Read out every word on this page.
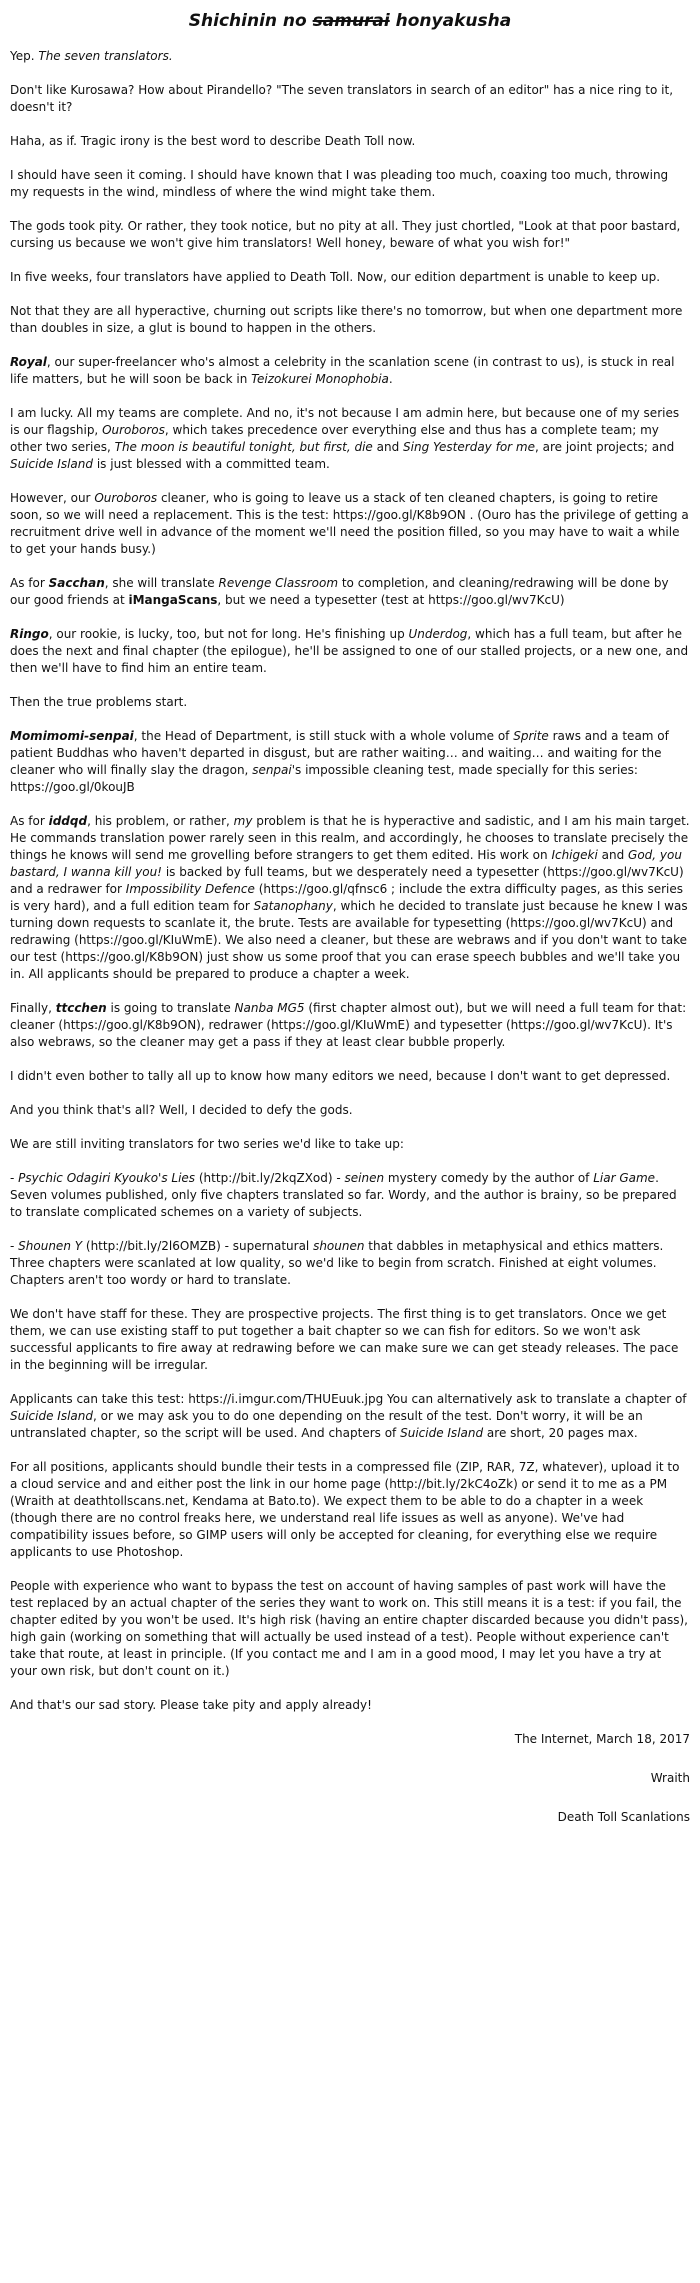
Shichinin no samurai honyakusha

Yep. The seven translators.

Don't like Kurosawa? How about Pirandello? "The seven translators in search of an editor" has a nice ring to it, doesn't it?

Haha, as if. Tragic irony is the best word to describe Death Toll now.

I should have seen it coming. I should have known that I was pleading too much, coaxing too much, throwing my requests in the wind, mindless of where the wind might take them.

The gods took pity. Or rather, they took notice, but no pity at all. They just chortled, "Look at that poor bastard, cursing us because we won't give him translators! Well honey, beware of what you wish for!"

In five weeks, four translators have applied to Death Toll. Now, our edition department is unable to keep up.

Not that they are all hyperactive, churning out scripts like there's no tomorrow, but when one department more than doubles in size, a glut is bound to happen in the others.

Royal, our super-freelancer who's almost a celebrity in the scanlation scene (in contrast to us), is stuck in real life matters, but he will soon be back in Teizokurei Monophobia.

I am lucky. All my teams are complete. And no, it's not because I am admin here, but because one of my series is our flagship, Ouroboros, which takes precedence over everything else and thus has a complete team; my other two series, The moon is beautiful tonight, but first, die and Sing Yesterday for me, are joint projects; and Suicide Island is just blessed with a committed team.

However, our Ouroboros cleaner, who is going to leave us a stack of ten cleaned chapters, is going to retire soon, so we will need a replacement. This is the test: https://goo.gl/K8b9ON . (Ouro has the privilege of getting a recruitment drive well in advance of the moment we'll need the position filled, so you may have to wait a while to get your hands busy.)

As for Sacchan, she will translate Revenge Classroom to completion, and cleaning/redrawing will be done by our good friends at iMangaScans, but we need a typesetter (test at https://goo.gl/wv7KcU)

Ringo, our rookie, is lucky, too, but not for long. He's finishing up Underdog, which has a full team, but after he does the next and final chapter (the epilogue), he'll be assigned to one of our stalled projects, or a new one, and then we'll have to find him an entire team.

Then the true problems start.

Momimomi-senpai, the Head of Department, is still stuck with a whole volume of Sprite raws and a team of patient Buddhas who haven't departed in disgust, but are rather waiting… and waiting… and waiting for the cleaner who will finally slay the dragon, senpai's impossible cleaning test, made specially for this series: https://goo.gl/0kouJB

As for iddqd, his problem, or rather, my problem is that he is hyperactive and sadistic, and I am his main target. He commands translation power rarely seen in this realm, and accordingly, he chooses to translate precisely the things he knows will send me grovelling before strangers to get them edited. His work on Ichigeki and God, you bastard, I wanna kill you! is backed by full teams, but we desperately need a typesetter (https://goo.gl/wv7KcU) and a redrawer for Impossibility Defence (https://goo.gl/qfnsc6 ; include the extra difficulty pages, as this series is very hard), and a full edition team for Satanophany, which he decided to translate just because he knew I was turning down requests to scanlate it, the brute. Tests are available for typesetting (https://goo.gl/wv7KcU) and redrawing (https://goo.gl/KIuWmE). We also need a cleaner, but these are webraws and if you don't want to take our test (https://goo.gl/K8b9ON) just show us some proof that you can erase speech bubbles and we'll take you in. All applicants should be prepared to produce a chapter a week.

Finally, ttcchen is going to translate Nanba MG5 (first chapter almost out), but we will need a full team for that: cleaner (https://goo.gl/K8b9ON), redrawer (https://goo.gl/KIuWmE) and typesetter (https://goo.gl/wv7KcU). It's also webraws, so the cleaner may get a pass if they at least clear bubble properly.

I didn't even bother to tally all up to know how many editors we need, because I don't want to get depressed.

And you think that's all? Well, I decided to defy the gods.

We are still inviting translators for two series we'd like to take up:

- Psychic Odagiri Kyouko's Lies (http://bit.ly/2kqZXod) - seinen mystery comedy by the author of Liar Game. Seven volumes published, only five chapters translated so far. Wordy, and the author is brainy, so be prepared to translate complicated schemes on a variety of subjects.

- Shounen Y (http://bit.ly/2l6OMZB) - supernatural shounen that dabbles in metaphysical and ethics matters. Three chapters were scanlated at low quality, so we'd like to begin from scratch. Finished at eight volumes. Chapters aren't too wordy or hard to translate.

We don't have staff for these. They are prospective projects. The first thing is to get translators. Once we get them, we can use existing staff to put together a bait chapter so we can fish for editors. So we won't ask successful applicants to fire away at redrawing before we can make sure we can get steady releases. The pace in the beginning will be irregular.

Applicants can take this test: https://i.imgur.com/THUEuuk.jpg You can alternatively ask to translate a chapter of Suicide Island, or we may ask you to do one depending on the result of the test. Don't worry, it will be an untranslated chapter, so the script will be used. And chapters of Suicide Island are short, 20 pages max.

For all positions, applicants should bundle their tests in a compressed file (ZIP, RAR, 7Z, whatever), upload it to a cloud service and and either post the link in our home page (http://bit.ly/2kC4oZk) or send it to me as a PM (Wraith at deathtollscans.net, Kendama at Bato.to). We expect them to be able to do a chapter in a week (though there are no control freaks here, we understand real life issues as well as anyone). We've had compatibility issues before, so GIMP users will only be accepted for cleaning, for everything else we require applicants to use Photoshop.

People with experience who want to bypass the test on account of having samples of past work will have the test replaced by an actual chapter of the series they want to work on. This still means it is a test: if you fail, the chapter edited by you won't be used. It's high risk (having an entire chapter discarded because you didn't pass), high gain (working on something that will actually be used instead of a test). People without experience can't take that route, at least in principle. (If you contact me and I am in a good mood, I may let you have a try at your own risk, but don't count on it.)

And that's our sad story. Please take pity and apply already!

The Internet, March 18, 2017

Wraith

Death Toll Scanlations
